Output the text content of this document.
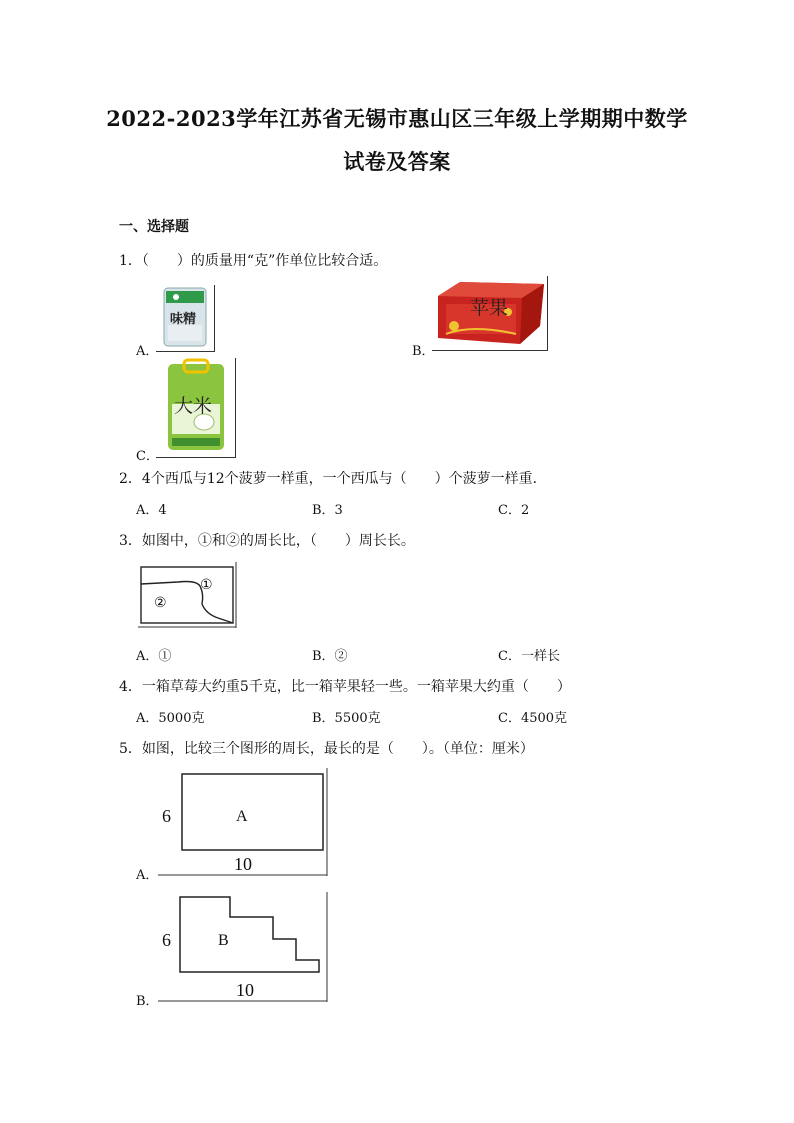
2022-2023学年江苏省无锡市惠山区三年级上学期期中数学
试卷及答案
一、选择题
1．（　　）的质量用“克”作单位比较合适。
A．
味精
B．
苹果
C．
大米
2．4个西瓜与12个菠萝一样重，一个西瓜与（　　）个菠萝一样重．
A．4	B．3	C．2
3．如图中，①和②的周长比，（　　）周长长。
①
②
A．①	B．②	C．一样长
4．一箱草莓大约重5千克，比一箱苹果轻一些。一箱苹果大约重（　　）
A．5000克	B．5500克	C．4500克
5．如图，比较三个图形的周长，最长的是（　　）。（单位：厘米）
A．
6	A
10
B．
6	B
10
